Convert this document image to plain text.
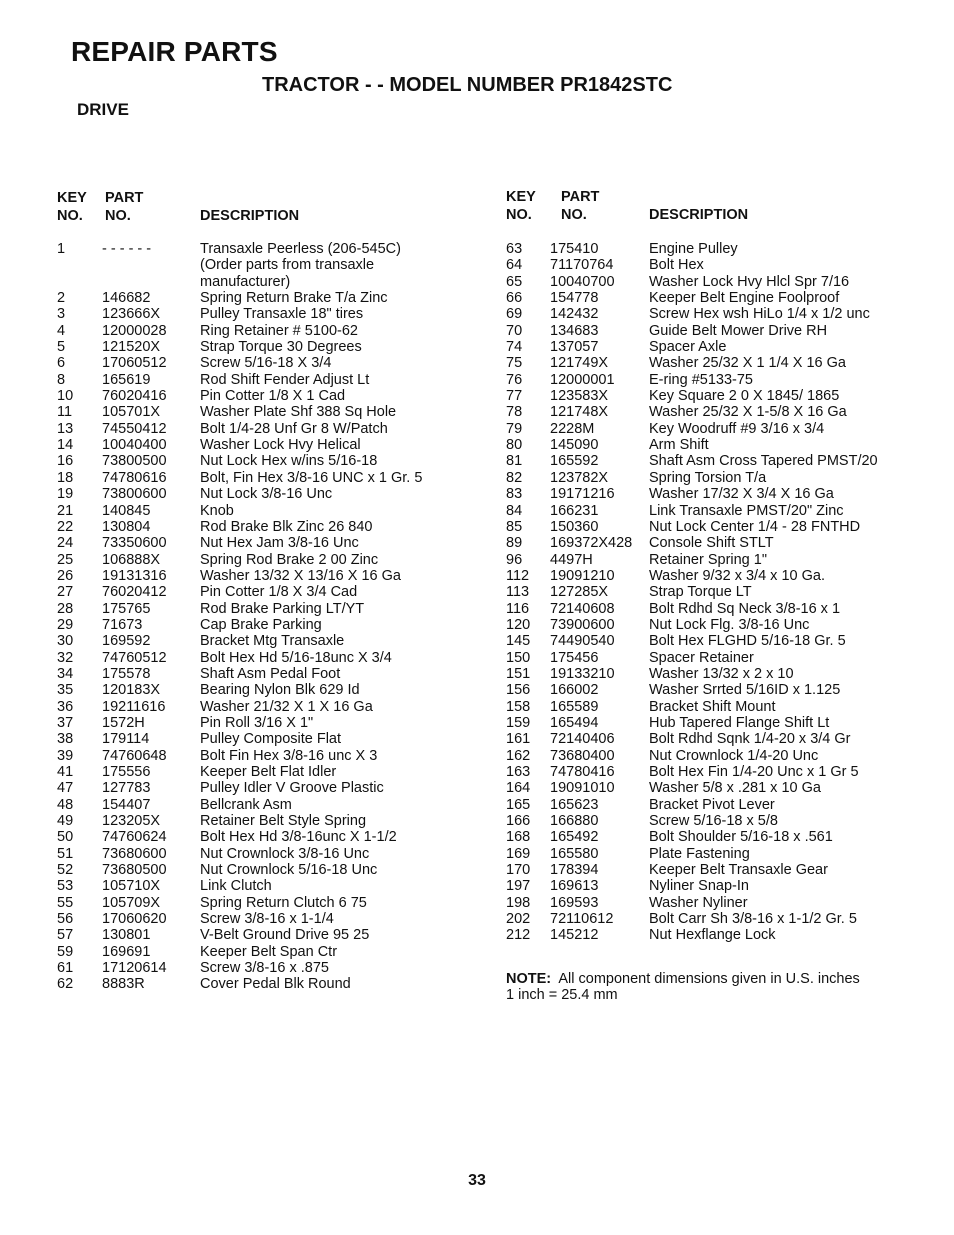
REPAIR PARTS
TRACTOR - - MODEL NUMBER PR1842STC
DRIVE
KEY
NO.
PART
NO.	DESCRIPTION
KEY
NO.
PART
NO.	DESCRIPTION
1	- - - - - -	Transaxle Peerless (206-545C)
(Order parts from transaxle
manufacturer)
2	146682	Spring Return Brake T/a Zinc
3	123666X	Pulley Transaxle 18" tires
4	12000028 Ring Retainer # 5100-62
5	121520X	Strap Torque 30 Degrees
6	17060512 Screw 5/16-18 X 3/4
8	165619	Rod Shift Fender Adjust Lt
10 76020416 Pin Cotter 1/8 X 1 Cad
11 105701X	Washer Plate Shf 388 Sq Hole
13 74550412 Bolt 1/4-28 Unf Gr 8 W/Patch
14 10040400 Washer Lock Hvy Helical
16 73800500 Nut Lock Hex w/ins 5/16-18
18 74780616 Bolt, Fin Hex 3/8-16 UNC x 1 Gr. 5
19 73800600 Nut Lock 3/8-16 Unc
21 140845	Knob
22 130804	Rod Brake Blk Zinc 26 840
24 73350600 Nut Hex Jam 3/8-16 Unc
25 106888X	Spring Rod Brake 2 00 Zinc
26 19131316 Washer 13/32 X 13/16 X 16 Ga
27 76020412 Pin Cotter 1/8 X 3/4 Cad
28 175765	Rod Brake Parking LT/YT
29 71673	Cap Brake Parking
30 169592	Bracket Mtg Transaxle
32 74760512 Bolt Hex Hd 5/16-18unc X 3/4
34 175578	Shaft Asm Pedal Foot
35 120183X	Bearing Nylon Blk 629 Id
36 19211616 Washer 21/32 X 1 X 16 Ga
37 1572H	Pin Roll 3/16 X 1"
38 179114	Pulley Composite Flat
39 74760648 Bolt Fin Hex 3/8-16 unc X 3
41 175556	Keeper Belt Flat Idler
47 127783	Pulley Idler V Groove Plastic
48 154407	Bellcrank Asm
49 123205X	Retainer Belt Style Spring
50 74760624 Bolt Hex Hd 3/8-16unc X 1-1/2
51 73680600 Nut Crownlock 3/8-16 Unc
52 73680500 Nut Crownlock 5/16-18 Unc
53 105710X	Link Clutch
55 105709X	Spring Return Clutch 6 75
56 17060620 Screw 3/8-16 x 1-1/4
57 130801	V-Belt Ground Drive 95 25
59 169691	Keeper Belt Span Ctr
61 17120614 Screw 3/8-16 x .875
62 8883R	Cover Pedal Blk Round
63 175410	Engine Pulley
64 71170764 Bolt Hex
65 10040700 Washer Lock Hvy Hlcl Spr 7/16
66 154778	Keeper Belt Engine Foolproof
69 142432	Screw Hex wsh HiLo 1/4 x 1/2 unc
70 134683	Guide Belt Mower Drive RH
74 137057	Spacer Axle
75 121749X	Washer 25/32 X 1 1/4 X 16 Ga
76 12000001 E-ring #5133-75
77 123583X	Key Square 2 0 X 1845/ 1865
78 121748X	Washer 25/32 X 1-5/8 X 16 Ga
79 2228M	Key Woodruff #9 3/16 x 3/4
80 145090	Arm Shift
81 165592	Shaft Asm Cross Tapered PMST/20
82 123782X	Spring Torsion T/a
83 19171216 Washer 17/32 X 3/4 X 16 Ga
84 166231	Link Transaxle PMST/20" Zinc
85 150360	Nut Lock Center 1/4 - 28 FNTHD
89 169372X428 Console Shift STLT
96 4497H	Retainer Spring 1"
112 19091210 Washer 9/32 x 3/4 x 10 Ga.
113 127285X	Strap Torque LT
116 72140608 Bolt Rdhd Sq Neck 3/8-16 x 1
120 73900600 Nut Lock Flg. 3/8-16 Unc
145 74490540 Bolt Hex FLGHD 5/16-18 Gr. 5
150 175456	Spacer Retainer
151 19133210 Washer 13/32 x 2 x 10
156 166002	Washer Srrted 5/16ID x 1.125
158 165589	Bracket Shift Mount
159 165494	Hub Tapered Flange Shift Lt
161 72140406 Bolt Rdhd Sqnk 1/4-20 x 3/4 Gr
162 73680400 Nut Crownlock 1/4-20 Unc
163 74780416 Bolt Hex Fin 1/4-20 Unc x 1 Gr 5
164 19091010 Washer 5/8 x .281 x 10 Ga
165 165623	Bracket Pivot Lever
166 166880	Screw 5/16-18 x 5/8
168 165492	Bolt Shoulder 5/16-18 x .561
169 165580	Plate Fastening
170 178394	Keeper Belt Transaxle Gear
197 169613	Nyliner Snap-In
198 169593	Washer Nyliner
202 72110612 Bolt Carr Sh 3/8-16 x 1-1/2 Gr. 5
212 145212	Nut Hexflange Lock
NOTE: All component dimensions given in U.S. inches
1 inch = 25.4 mm
33
